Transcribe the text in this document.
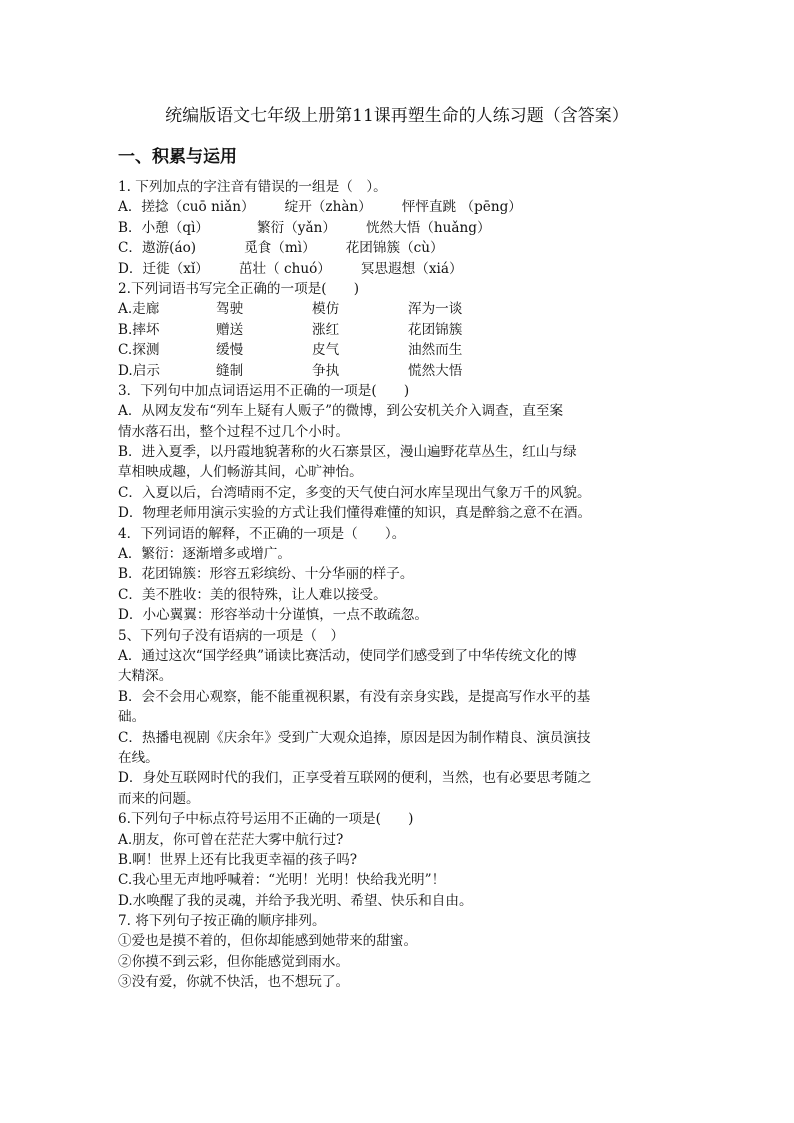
统编版语文七年级上册第11课再塑生命的人练习题（含答案）
一、积累与运用
1. 下列加点的字注音有错误的一组是（　）。
A．搓捻（cuō niǎn） 绽开（zhàn） 怦怦直跳 （pēng）
B．小憩（qì）	繁衍（yǎn） 恍然大悟（huǎng）
C．遨游(áo)	觅食（mì） 花团锦簇（cù）
D．迁徙（xǐ） 茁壮（ chuó） 冥思遐想（xiá）
2.下列词语书写完全正确的一项是(　　)
A.走廊	驾驶	模仿	浑为一谈
B.摔坏	赠送	涨红	花团锦簇
C.探测	缓慢	皮气	油然而生
D.启示	缝制	争执	慌然大悟
3．下列句中加点词语运用不正确的一项是(　　)
A．从网友发布“列车上疑有人贩子”的微博，到公安机关介入调查，直至案
情水落石出，整个过程不过几个小时。
B．进入夏季，以丹霞地貌著称的火石寨景区，漫山遍野花草丛生，红山与绿
草相映成趣，人们畅游其间，心旷神怡。
C．入夏以后，台湾晴雨不定，多变的天气使白河水库呈现出气象万千的风貌。
D．物理老师用演示实验的方式让我们懂得难懂的知识，真是醉翁之意不在酒。
4．下列词语的解释，不正确的一项是（　　）。
A．繁衍：逐渐增多或增广。
B．花团锦簇：形容五彩缤纷、十分华丽的样子。
C．美不胜收：美的很特殊，让人难以接受。
D．小心翼翼：形容举动十分谨慎，一点不敢疏忽。
5、下列句子没有语病的一项是（　）
A．通过这次“国学经典”诵读比赛活动，使同学们感受到了中华传统文化的博
大精深。
B．会不会用心观察，能不能重视积累，有没有亲身实践，是提高写作水平的基
础。
C．热播电视剧《庆余年》受到广大观众追捧，原因是因为制作精良、演员演技
在线。
D．身处互联网时代的我们，正享受着互联网的便利，当然，也有必要思考随之
而来的问题。
6.下列句子中标点符号运用不正确的一项是(　　)
A.朋友，你可曾在茫茫大雾中航行过?
B.啊！世界上还有比我更幸福的孩子吗?
C.我心里无声地呼喊着：“光明！光明！快给我光明”！
D.水唤醒了我的灵魂，并给予我光明、希望、快乐和自由。
7. 将下列句子按正确的顺序排列。
①爱也是摸不着的，但你却能感到她带来的甜蜜。
②你摸不到云彩，但你能感觉到雨水。
③没有爱，你就不快活，也不想玩了。
